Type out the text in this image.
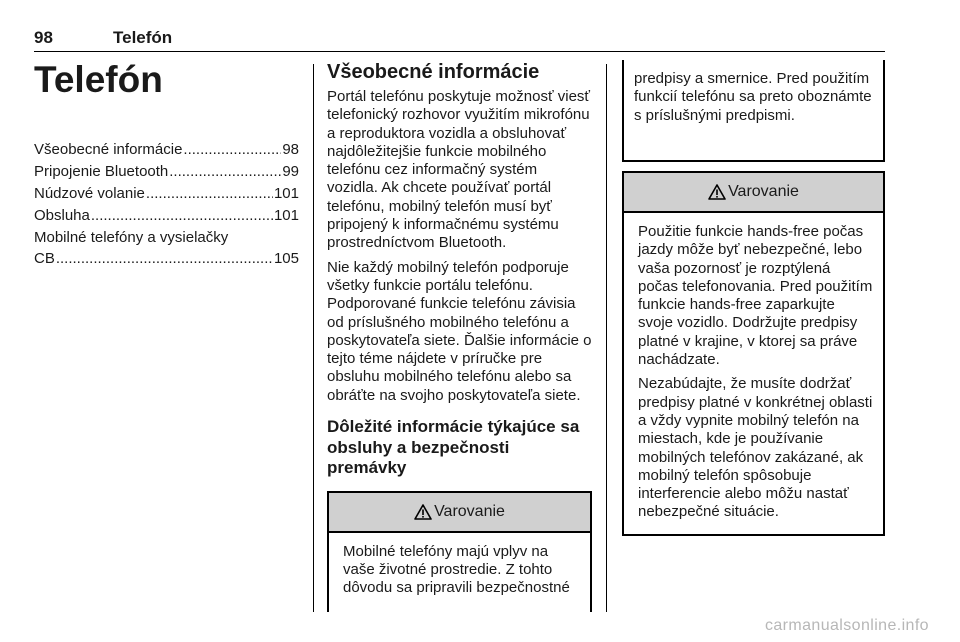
98	Telefón
Telefón
Všeobecné informácie .....	98
Pripojenie Bluetooth .....	99
Núdzové volanie .....	101
Obsluha .....	101
Mobilné telefóny a vysielačky
CB .....	105
Všeobecné informácie

Portál telefónu poskytuje možnosť viesť telefonický rozhovor využitím mikrofónu a reproduktora vozidla a obsluhovať najdôležitejšie funkcie mobilného telefónu cez informačný systém vozidla. Ak chcete používať portál telefónu, mobilný telefón musí byť pripojený k informačnému systému prostredníctvom Bluetooth.

Nie každý mobilný telefón podporuje všetky funkcie portálu telefónu. Podporované funkcie telefónu závisia od príslušného mobilného telefónu a poskytovateľa siete. Ďalšie informácie o tejto téme nájdete v príručke pre obsluhu mobilného telefónu alebo sa obráťte na svojho poskytovateľa siete.

Dôležité informácie týkajúce sa obsluhy a bezpečnosti premávky
Varovanie
Mobilné telefóny majú vplyv na vaše životné prostredie. Z tohto dôvodu sa pripravili bezpečnostné
predpisy a smernice. Pred použitím funkcií telefónu sa preto oboznámte s príslušnými predpismi.
Varovanie

Použitie funkcie hands-free počas jazdy môže byť nebezpečné, lebo vaša pozornosť je rozptýlená počas telefonovania. Pred použitím funkcie hands-free zaparkujte svoje vozidlo. Dodržujte predpisy platné v krajine, v ktorej sa práve nachádzate.

Nezabúdajte, že musíte dodržať predpisy platné v konkrétnej oblasti a vždy vypnite mobilný telefón na miestach, kde je používanie mobilných telefónov zakázané, ak mobilný telefón spôsobuje interferencie alebo môžu nastať nebezpečné situácie.

carmanualsonline.info
